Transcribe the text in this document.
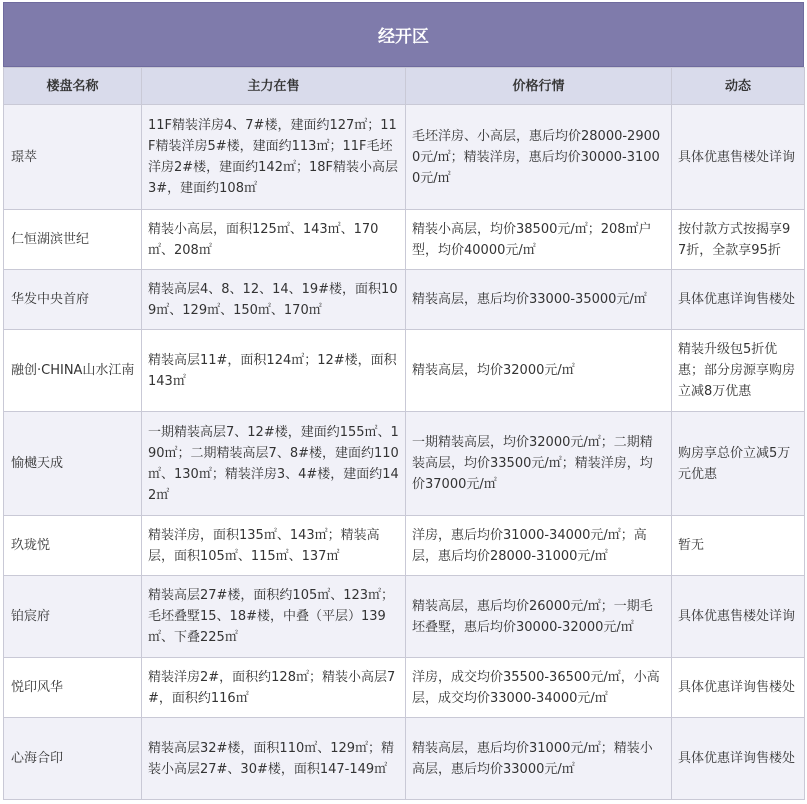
经开区
楼盘名称	主力在售	价格行情	动态
璟萃	11F精装洋房4、7#楼，建面约127㎡；11F精装洋房5#楼，建面约113㎡；11F毛坯洋房2#楼，建面约142㎡；18F精装小高层3#，建面约108㎡	毛坯洋房、小高层，惠后均价28000-29000元/㎡；精装洋房，惠后均价30000-31000元/㎡	具体优惠售楼处详询
仁恒湖滨世纪	精装小高层，面积125㎡、143㎡、170㎡、208㎡	精装小高层，均价38500元/㎡；208㎡户型，均价40000元/㎡	按付款方式按揭享97折，全款享95折
华发中央首府	精装高层4、8、12、14、19#楼，面积109㎡、129㎡、150㎡、170㎡	精装高层，惠后均价33000-35000元/㎡	具体优惠详询售楼处
融创·CHINA山水江南	精装高层11#，面积124㎡；12#楼，面积143㎡	精装高层，均价32000元/㎡	精装升级包5折优惠；部分房源享购房立减8万优惠
愉樾天成	一期精装高层7、12#楼，建面约155㎡、190㎡；二期精装高层7、8#楼，建面约110㎡、130㎡；精装洋房3、4#楼，建面约142㎡	一期精装高层，均价32000元/㎡；二期精装高层，均价33500元/㎡；精装洋房，均价37000元/㎡	购房享总价立减5万元优惠
玖珑悦	精装洋房，面积135㎡、143㎡；精装高层，面积105㎡、115㎡、137㎡	洋房，惠后均价31000-34000元/㎡；高层，惠后均价28000-31000元/㎡	暂无
铂宸府	精装高层27#楼，面积约105㎡、123㎡；毛坯叠墅15、18#楼，中叠（平层）139㎡、下叠225㎡	精装高层，惠后均价26000元/㎡；一期毛坯叠墅，惠后均价30000-32000元/㎡	具体优惠售楼处详询
悦印风华	精装洋房2#，面积约128㎡；精装小高层7#，面积约116㎡	洋房，成交均价35500-36500元/㎡，小高层，成交均价33000-34000元/㎡	具体优惠详询售楼处
心海合印	精装高层32#楼，面积110㎡、129㎡；精装小高层27#、30#楼，面积147-149㎡	精装高层，惠后均价31000元/㎡；精装小高层，惠后均价33000元/㎡	具体优惠详询售楼处
